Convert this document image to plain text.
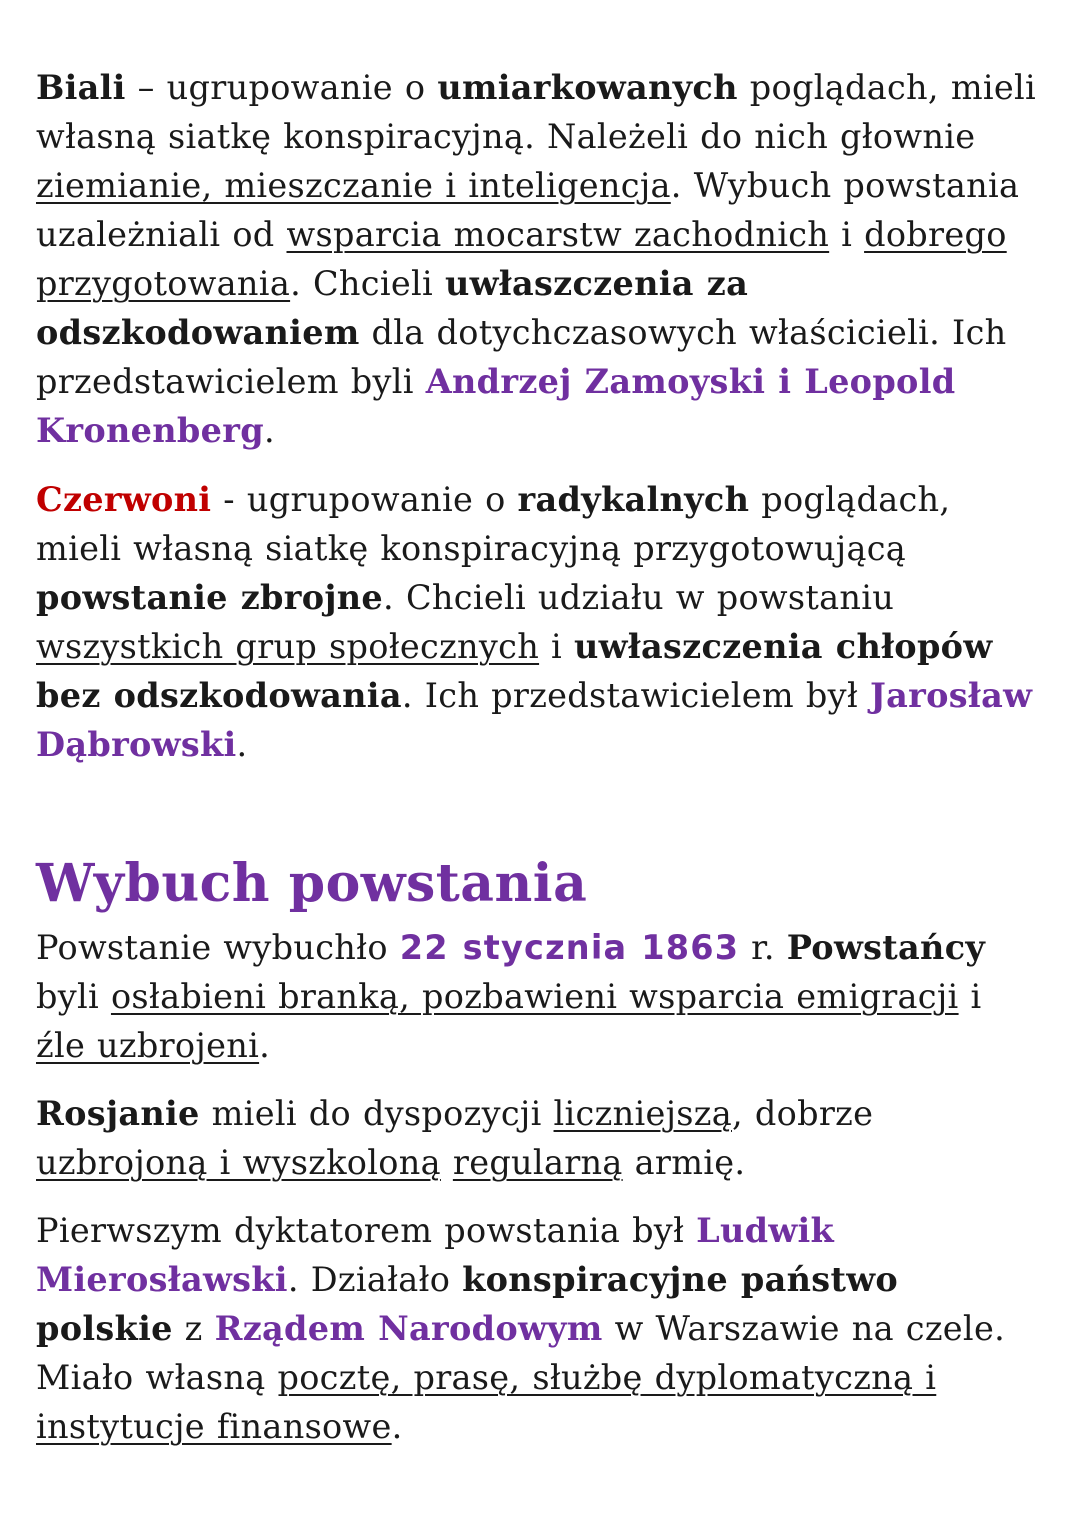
Biali – ugrupowanie o umiarkowanych poglądach, mieli własną siatkę konspiracyjną. Należeli do nich głownie ziemianie, mieszczanie i inteligencja. Wybuch powstania uzależniali od wsparcia mocarstw zachodnich i dobrego przygotowania. Chcieli uwłaszczenia za odszkodowaniem dla dotychczasowych właścicieli. Ich przedstawicielem byli Andrzej Zamoyski i Leopold Kronenberg.

Czerwoni - ugrupowanie o radykalnych poglądach, mieli własną siatkę konspiracyjną przygotowującą powstanie zbrojne. Chcieli udziału w powstaniu wszystkich grup społecznych i uwłaszczenia chłopów bez odszkodowania. Ich przedstawicielem był Jarosław Dąbrowski.

Wybuch powstania

Powstanie wybuchło 22 stycznia 1863 r. Powstańcy byli osłabieni branką, pozbawieni wsparcia emigracji i źle uzbrojeni.

Rosjanie mieli do dyspozycji liczniejszą, dobrze uzbrojoną i wyszkoloną regularną armię.

Pierwszym dyktatorem powstania był Ludwik Mierosławski. Działało konspiracyjne państwo polskie z Rządem Narodowym w Warszawie na czele. Miało własną pocztę, prasę, służbę dyplomatyczną i instytucje finansowe.
